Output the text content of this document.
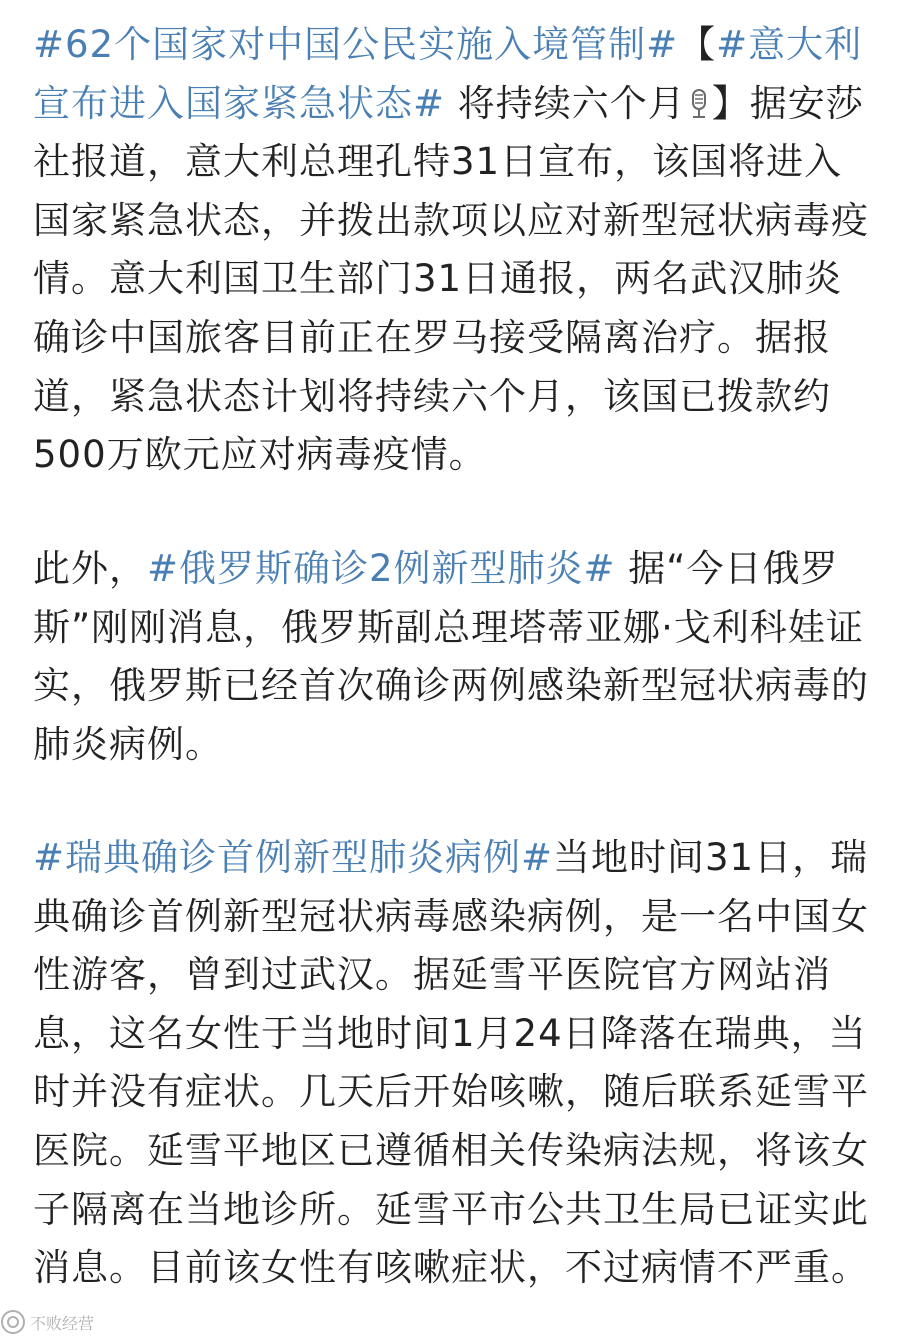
#62个国家对中国公民实施入境管制#【#意大利宣布进入国家紧急状态# 将持续六个月 】据安莎社报道，意大利总理孔特31日宣布，该国将进入国家紧急状态，并拨出款项以应对新型冠状病毒疫情。意大利国卫生部门31日通报，两名武汉肺炎确诊中国旅客目前正在罗马接受隔离治疗。据报道，紧急状态计划将持续六个月，该国已拨款约500万欧元应对病毒疫情。

此外，#俄罗斯确诊2例新型肺炎# 据“今日俄罗斯”刚刚消息，俄罗斯副总理塔蒂亚娜·戈利科娃证实，俄罗斯已经首次确诊两例感染新型冠状病毒的肺炎病例。

#瑞典确诊首例新型肺炎病例#当地时间31日，瑞典确诊首例新型冠状病毒感染病例，是一名中国女性游客，曾到过武汉。据延雪平医院官方网站消息，这名女性于当地时间1月24日降落在瑞典，当时并没有症状。几天后开始咳嗽，随后联系延雪平医院。延雪平地区已遵循相关传染病法规，将该女子隔离在当地诊所。延雪平市公共卫生局已证实此消息。目前该女性有咳嗽症状，不过病情不严重。

不败经营
